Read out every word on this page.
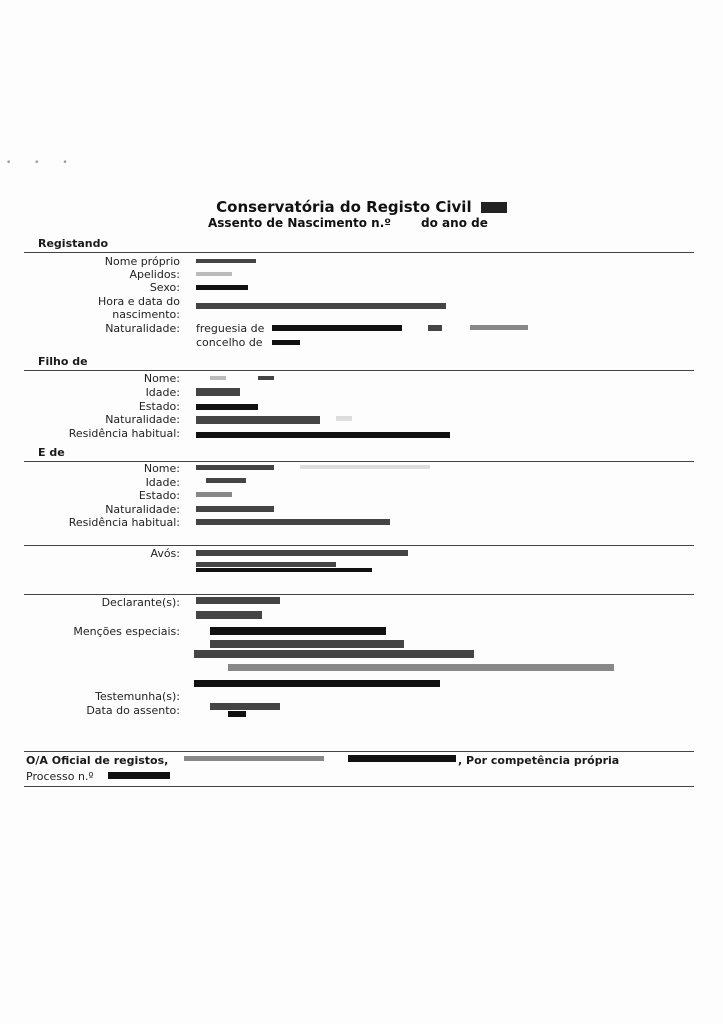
• • •
Conservatória do Registo Civil
Assento de Nascimento n.º	do ano de
Registando
Nome próprio
Apelidos:
Sexo:
Hora e data do
nascimento:
Naturalidade: freguesia de
concelho de
Filho de
Nome:
Idade:
Estado:
Naturalidade:
Residência habitual:
E de
Nome:
Idade:
Estado:
Naturalidade:
Residência habitual:
Avós:
Declarante(s):
Menções especiais:
Testemunha(s):
Data do assento:
O/A Oficial de registos,	, Por competência própria
Processo n.º
